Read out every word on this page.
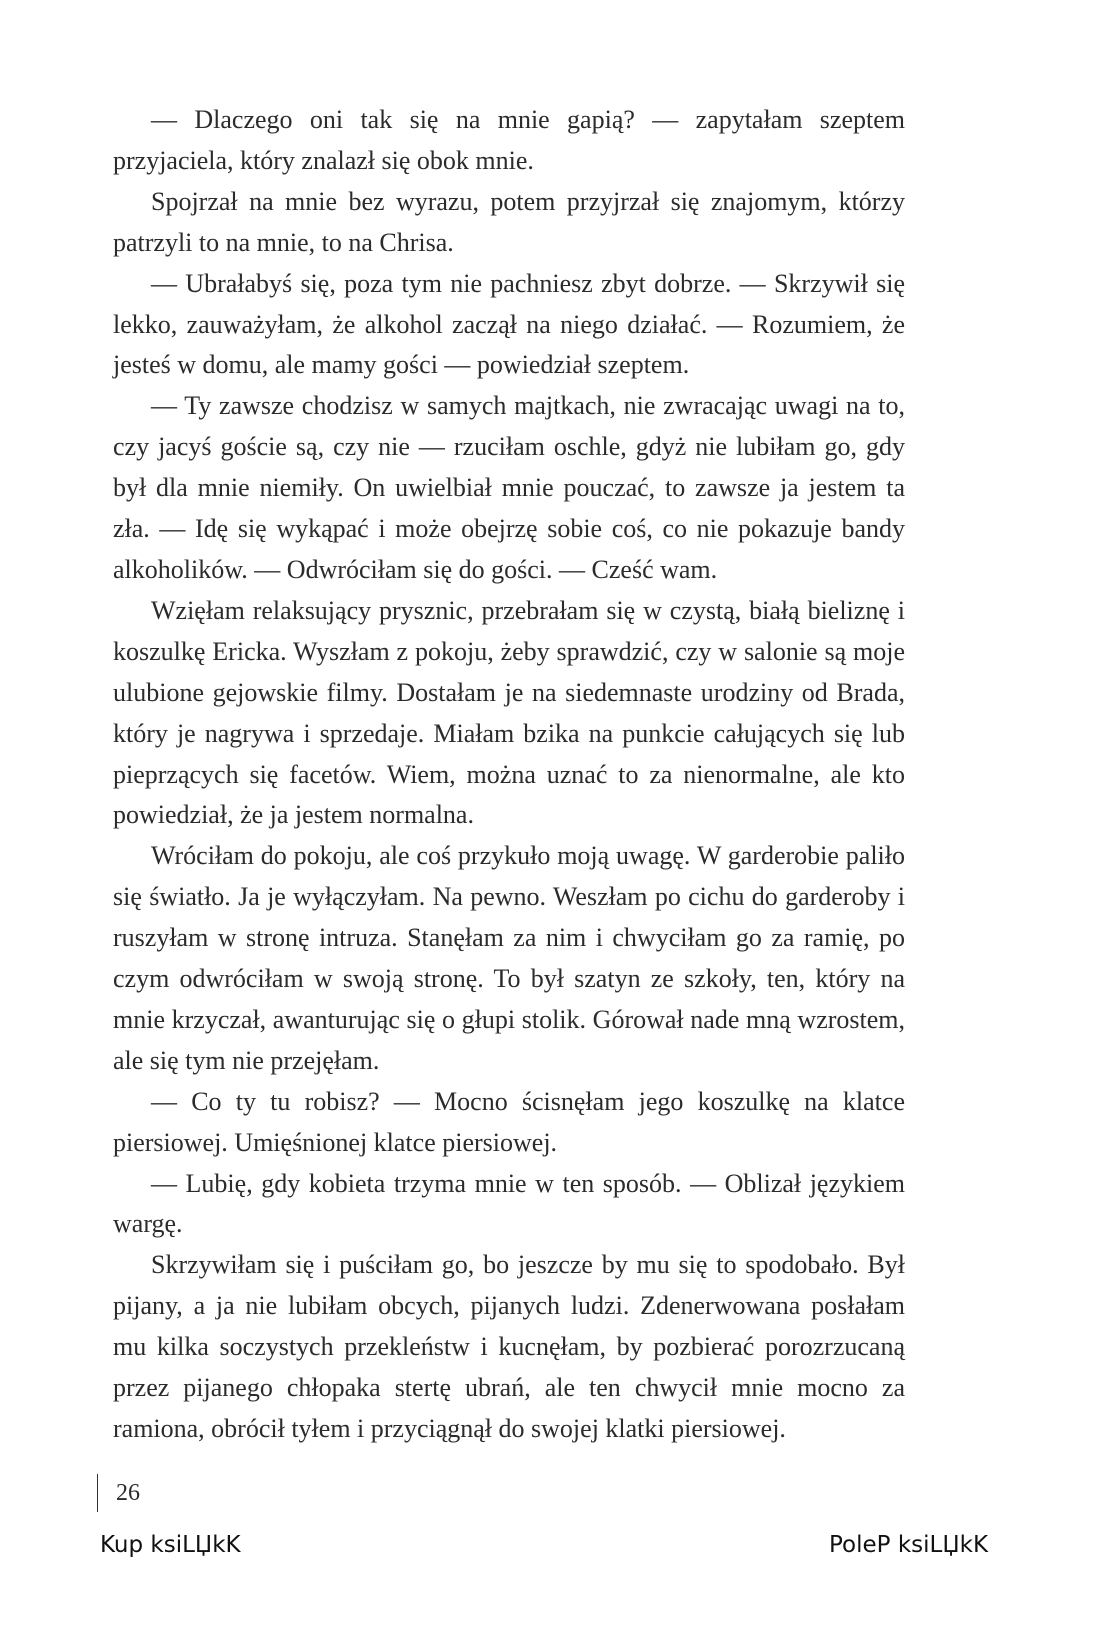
— Dlaczego oni tak się na mnie gapią? — zapytałam szeptem przyjaciela, który znalazł się obok mnie.

Spojrzał na mnie bez wyrazu, potem przyjrzał się znajomym, którzy patrzyli to na mnie, to na Chrisa.

— Ubrałabyś się, poza tym nie pachniesz zbyt dobrze. — Skrzywił się lekko, zauważyłam, że alkohol zaczął na niego działać. — Rozumiem, że jesteś w domu, ale mamy gości — powiedział szeptem.

— Ty zawsze chodzisz w samych majtkach, nie zwracając uwagi na to, czy jacyś goście są, czy nie — rzuciłam oschle, gdyż nie lubiłam go, gdy był dla mnie niemiły. On uwielbiał mnie pouczać, to zawsze ja jestem ta zła. — Idę się wykąpać i może obejrzę sobie coś, co nie pokazuje bandy alkoholików. — Odwróciłam się do gości. — Cześć wam.

Wzięłam relaksujący prysznic, przebrałam się w czystą, białą bieliznę i koszulkę Ericka. Wyszłam z pokoju, żeby sprawdzić, czy w salonie są moje ulubione gejowskie filmy. Dostałam je na siedemnaste urodziny od Brada, który je nagrywa i sprzedaje. Miałam bzika na punkcie całujących się lub pieprzących się facetów. Wiem, można uznać to za nienormalne, ale kto powiedział, że ja jestem normalna.

Wróciłam do pokoju, ale coś przykuło moją uwagę. W garderobie paliło się światło. Ja je wyłączyłam. Na pewno. Weszłam po cichu do garderoby i ruszyłam w stronę intruza. Stanęłam za nim i chwyciłam go za ramię, po czym odwróciłam w swoją stronę. To był szatyn ze szkoły, ten, który na mnie krzyczał, awanturując się o głupi stolik. Górował nade mną wzrostem, ale się tym nie przejęłam.

— Co ty tu robisz? — Mocno ścisnęłam jego koszulkę na klatce piersiowej. Umięśnionej klatce piersiowej.

— Lubię, gdy kobieta trzyma mnie w ten sposób. — Oblizał językiem wargę.

Skrzywiłam się i puściłam go, bo jeszcze by mu się to spodobało. Był pijany, a ja nie lubiłam obcych, pijanych ludzi. Zdenerwowana posłałam mu kilka soczystych przekleństw i kucnęłam, by pozbierać porozrzucaną przez pijanego chłopaka stertę ubrań, ale ten chwycił mnie mocno za ramiona, obrócił tyłem i przyciągnął do swojej klatki piersiowej.

26
Kup ksiLЏkK	PoleP ksiLЏkK
